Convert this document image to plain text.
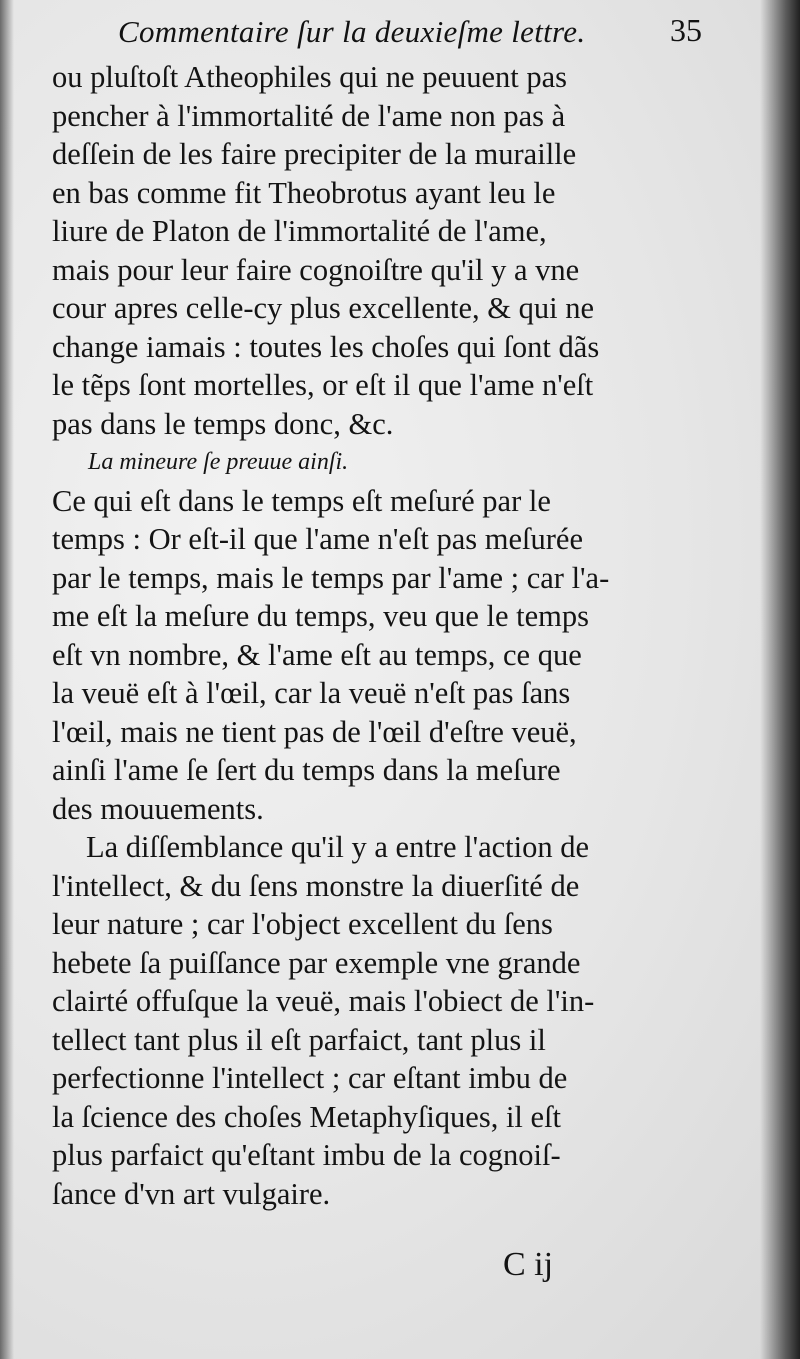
Commentaire ſur la deuxieſme lettre.	35
ou pluſtoſt Atheophiles qui ne peuuent pas
pencher à l'immortalité de l'ame non pas à
deſſein de les faire precipiter de la muraille
en bas comme fit Theobrotus ayant leu le
liure de Platon de l'immortalité de l'ame,
mais pour leur faire cognoiſtre qu'il y a vne
cour apres celle-cy plus excellente, & qui ne
change iamais : toutes les choſes qui ſont dãs
le tẽps ſont mortelles, or eſt il que l'ame n'eſt
pas dans le temps donc, &c.
La mineure ſe preuue ainſi.
Ce qui eſt dans le temps eſt meſuré par le
temps : Or eſt-il que l'ame n'eſt pas meſurée
par le temps, mais le temps par l'ame ; car l'a-
me eſt la meſure du temps, veu que le temps
eſt vn nombre, & l'ame eſt au temps, ce que
la veuë eſt à l'œil, car la veuë n'eſt pas ſans
l'œil, mais ne tient pas de l'œil d'eſtre veuë,
ainſi l'ame ſe ſert du temps dans la meſure
des mouuements.
La diſſemblance qu'il y a entre l'action de
l'intellect, & du ſens monstre la diuerſité de
leur nature ; car l'object excellent du ſens
hebete ſa puiſſance par exemple vne grande
clairté offuſque la veuë, mais l'obiect de l'in-
tellect tant plus il eſt parfaict, tant plus il
perfectionne l'intellect ; car eſtant imbu de
la ſcience des choſes Metaphyſiques, il eſt
plus parfaict qu'eſtant imbu de la cognoiſ-
ſance d'vn art vulgaire.
C ij
